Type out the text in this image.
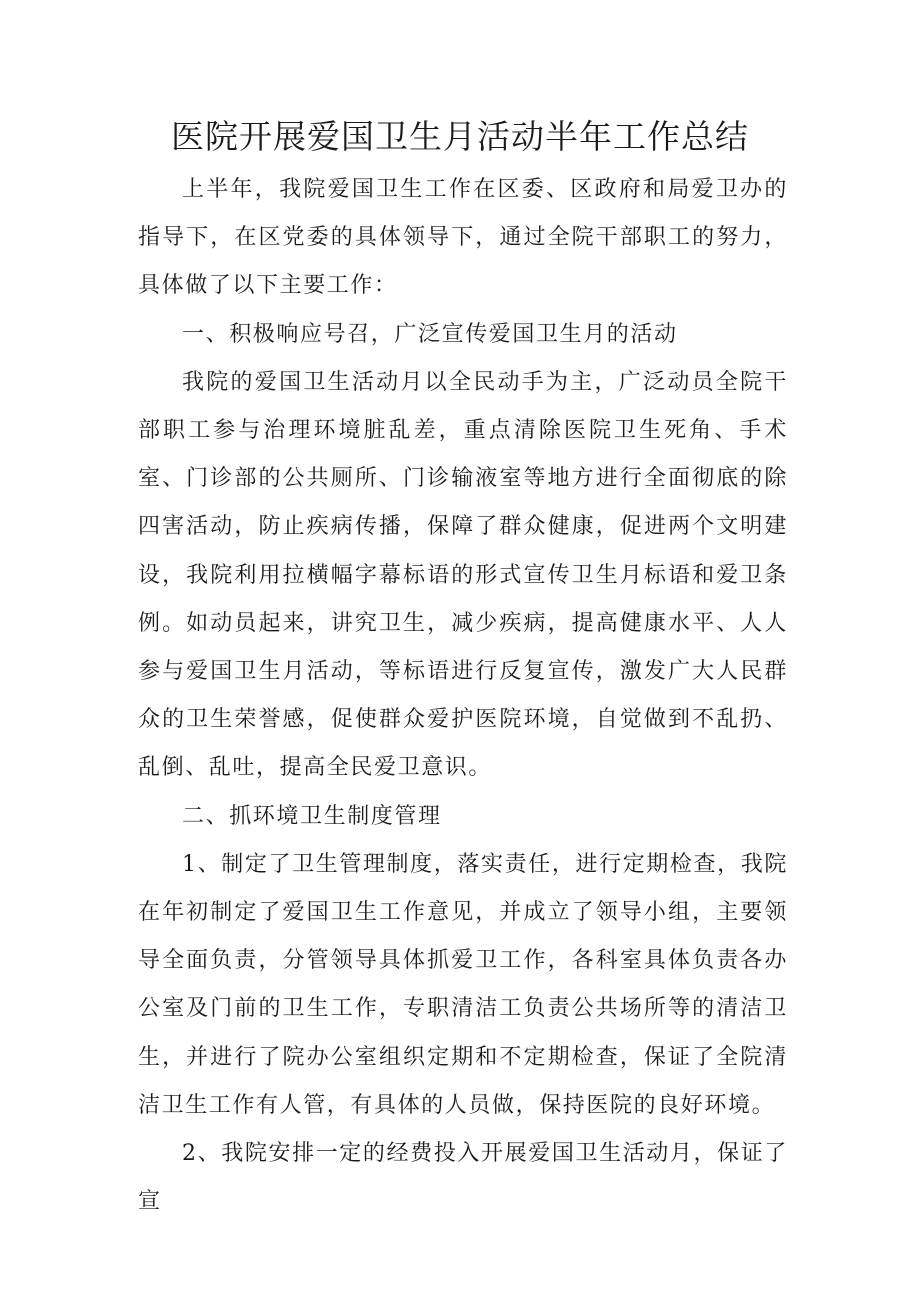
医院开展爱国卫生月活动半年工作总结

上半年，我院爱国卫生工作在区委、区政府和局爱卫办的指导下，在区党委的具体领导下，通过全院干部职工的努力，具体做了以下主要工作：

一、积极响应号召，广泛宣传爱国卫生月的活动

我院的爱国卫生活动月以全民动手为主，广泛动员全院干部职工参与治理环境脏乱差，重点清除医院卫生死角、手术室、门诊部的公共厕所、门诊输液室等地方进行全面彻底的除四害活动，防止疾病传播，保障了群众健康，促进两个文明建设，我院利用拉横幅字幕标语的形式宣传卫生月标语和爱卫条例。如动员起来，讲究卫生，减少疾病，提高健康水平、人人参与爱国卫生月活动，等标语进行反复宣传，激发广大人民群众的卫生荣誉感，促使群众爱护医院环境，自觉做到不乱扔、乱倒、乱吐，提高全民爱卫意识。

二、抓环境卫生制度管理

1、制定了卫生管理制度，落实责任，进行定期检查，我院在年初制定了爱国卫生工作意见，并成立了领导小组，主要领导全面负责，分管领导具体抓爱卫工作，各科室具体负责各办公室及门前的卫生工作，专职清洁工负责公共场所等的清洁卫生，并进行了院办公室组织定期和不定期检查，保证了全院清洁卫生工作有人管，有具体的人员做，保持医院的良好环境。

2、我院安排一定的经费投入开展爱国卫生活动月，保证了宣
